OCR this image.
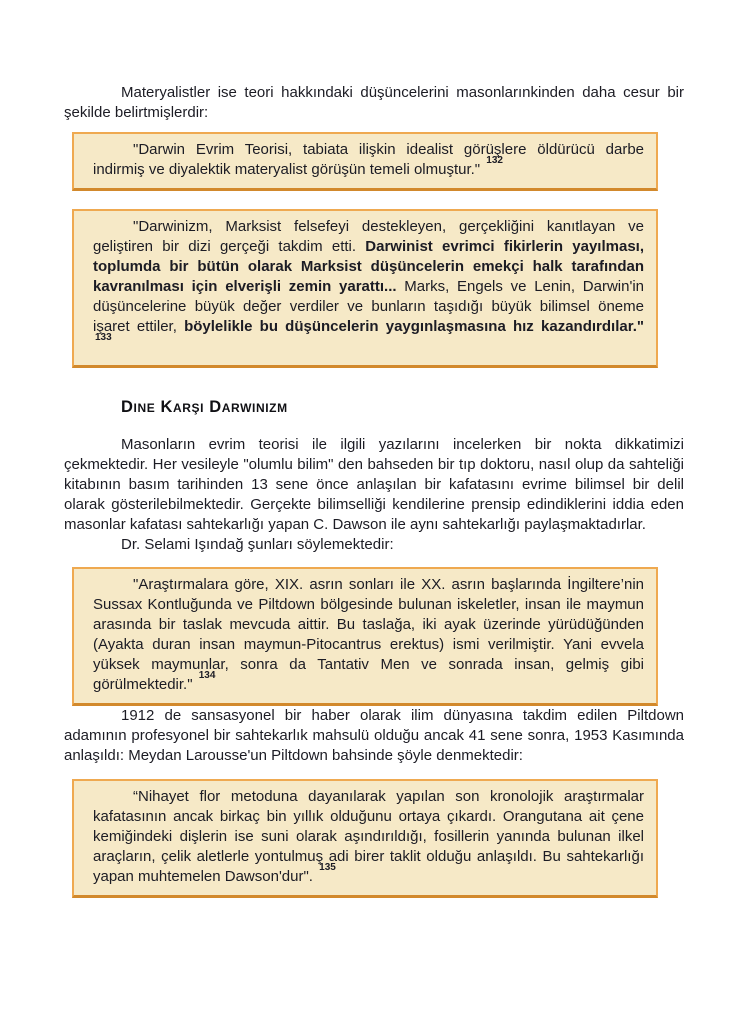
Materyalistler ise teori hakkındaki düşüncelerini masonlarınkinden daha cesur bir şekilde belirtmişlerdir:

"Darwin Evrim Teorisi, tabiata ilişkin idealist görüşlere öldürücü darbe indirmiş ve diyalektik materyalist görüşün temeli olmuştur." $^{132}$

"Darwinizm, Marksist felsefeyi destekleyen, gerçekliğini kanıtlayan ve geliştiren bir dizi gerçeği takdim etti. Darwinist evrimci fikirlerin yayılması, toplumda bir bütün olarak Marksist düşüncelerin emekçi halk tarafından kavranılması için elverişli zemin yarattı... Marks, Engels ve Lenin, Darwin'in düşüncelerine büyük değer verdiler ve bunların taşıdığı büyük bilimsel öneme işaret ettiler, böylelikle bu düşüncelerin yaygınlaşmasına hız kazandırdılar." $^{133}$

Dine Karşı Darwinizm

Masonların evrim teorisi ile ilgili yazılarını incelerken bir nokta dikkatimizi çekmektedir. Her vesileyle "olumlu bilim" den bahseden bir tıp doktoru, nasıl olup da sahteliği kitabının basım tarihinden 13 sene önce anlaşılan bir kafatasını evrime bilimsel bir delil olarak gösterilebilmektedir. Gerçekte bilimselliği kendilerine prensip edindiklerini iddia eden masonlar kafatası sahtekarlığı yapan C. Dawson ile aynı sahtekarlığı paylaşmaktadırlar.

Dr. Selami Işındağ şunları söylemektedir:

"Araştırmalara göre, XIX. asrın sonları ile XX. asrın başlarında İngiltere’nin Sussax Kontluğunda ve Piltdown bölgesinde bulunan iskeletler, insan ile maymun arasında bir taslak mevcuda aittir. Bu taslağa, iki ayak üzerinde yürüdüğünden (Ayakta duran insan maymun-Pitocantrus erektus) ismi verilmiştir. Yani evvela yüksek maymunlar, sonra da Tantativ Men ve sonrada insan, gelmiş gibi görülmektedir." $^{134}$

1912 de sansasyonel bir haber olarak ilim dünyasına takdim edilen Piltdown adamının profesyonel bir sahtekarlık mahsulü olduğu ancak 41 sene sonra, 1953 Kasımında anlaşıldı: Meydan Larousse'un Piltdown bahsinde şöyle denmektedir:

“Nihayet flor metoduna dayanılarak yapılan son kronolojik araştırmalar kafatasının ancak birkaç bin yıllık olduğunu ortaya çıkardı. Orangutana ait çene kemiğindeki dişlerin ise suni olarak aşındırıldığı, fosillerin yanında bulunan ilkel araçların, çelik aletlerle yontulmuş adi birer taklit olduğu anlaşıldı. Bu sahtekarlığı yapan muhtemelen Dawson'dur". $^{135}$
